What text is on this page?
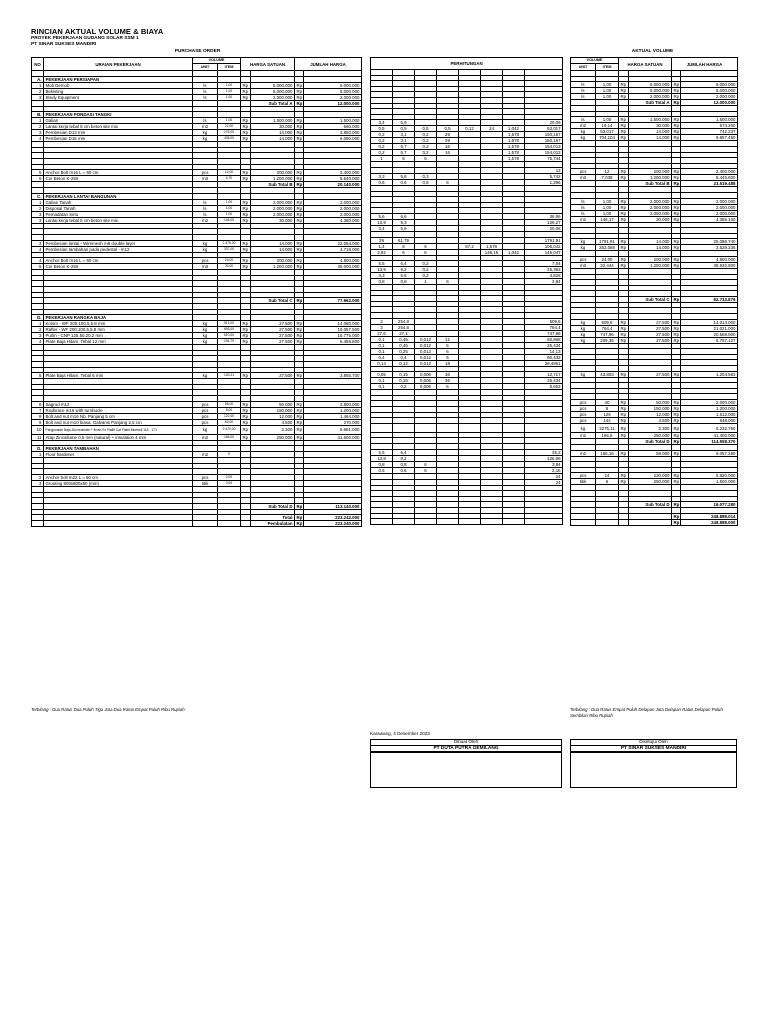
RINCIAN AKTUAL VOLUME & BIAYA
PROYEK PEKERJAAN GUDANG SOLAR SSM 1
PT SINAR SUKSES MANDIRI
PURCHASE ORDER	AKTUAL VOLUME
NO	URAIAN PEKERJAAN	VOLUME		HARGA SATUAN		JUMLAH HARGA	
		UNIT	ITEM				

A.	PEKERJAAN PERSIAPAN						
1	Mob Demob	ls	1,00	Rp	5.000.000	Rp	5.000.000
2	Bekisting	ls	1,00	Rp	5.000.000	Rp	5.000.000
3	Stedy Equipment	ls	1,00	Rp	2.000.000	Rp	2.000.000
					Sub Total A	Rp	12.000.000

B.	PEKERJAAN PONDASI TANGKI						
1	Galian	ls	1,00	Rp	1.500.000	Rp	1.500.000
2	Lantai kerja tebal 5 cm beton site mix	m2	22,00	Rp	30.000	Rp	660.000
3	Pembesian D13 mm	kg	275,00	Rp	14.000	Rp	3.850.000
4	Pembesian D16 mm	kg	435,00	Rp	14.000	Rp	6.090.000

5	Anchor Bolt m16 L = 60 cm	pcs	12,00	Rp	200.000	Rp	2.400.000
6	Cor Beton K-250	m3	4,70	Rp	1.200.000	Rp	5.640.000
					Sub Total B	Rp	20.140.000

C.	PEKERJAAN LANTAI BANGUNAN						
1	Galian Tanah	ls	1,00	Rp	2.000.000	Rp	2.000.000
2	Disposal Tanah	ls	1,00	Rp	2.000.000	Rp	2.000.000
3	Pemadatan Sirtu	ls	1,00	Rp	2.000.000	Rp	2.000.000
3	Lantai kerja tebal 5 cm beton site mix.	m2	146,00	Rp	30.000	Rp	4.380.000

3	Pembesian lantai - Wiremesh m8 double layer	kg	1.576,00	Rp	14.000	Rp	22.064.000
4	Pembesian tambahan pada pedestal - m12	kg	337,00	Rp	14.000	Rp	4.718.000

4	Anchor Bolt m16 L = 60 cm	pcs	24,00	Rp	200.000	Rp	4.800.000
5	Cor Beton K-250	m3	30,00	Rp	1.200.000	Rp	36.000.000

					Sub Total C	Rp	77.962.000

D.	PEKERJAAN RANGKA BAJA						
1	Kolom - WF 200.100.5,5.8 mm	kg	512,00	Rp	27.500	Rp	14.080.000
2	Rafter - WF 200.100.5,5.8 mm	kg	693,00	Rp	27.500	Rp	19.057.500
3	Purlin - CNP 125.50.20.2 mm	kg	610,00	Rp	27.500	Rp	16.775.000
4	Plate Baja Hitam. Tebal 12 mm	kg	234,79	Rp	27.500	Rp	6.456.800

5	Plate Baja Hitam. Tebal 6 mm	kg	140,21	Rp	27.500	Rp	3.855.700

6	Sagrod m12	pcs	56,00	Rp	50.000	Rp	2.800.000
7	Rodbrace m16 with turnbucle	pcs	8,00	Rp	150.000	Rp	1.200.000
8	Bolt and nut m16 Nb. Panjang 5 cm	pcs	122,00	Rp	12.000	Rp	1.464.000
9	Bolt and nut m10 biasa. Galvanis Panjang 2,5 cm	pcs	60,00	Rp	4.500	Rp	270.000
10	Pengecatan Baja Zinchromate + finish Ex Flatlit Cat Flatlit Bluebell 115 - 171	kg	2.470,00	Rp	2.300	Rp	5.681.000
11	Atap Zincallume 0,5 mm (natural) + insulation 4 mm	m2	166,00	Rp	250.000	Rp	41.500.000

D.	PEKERJAAN TAMBAHAN						
1	Floor hardener	m2	0				

2	Anchor bolt m22 L = 60 cm	pcs	0,00				
3	Grouting 800x800x50 (mm)	titik	0,00				

					Sub Total D	Rp	113.140.000

					Total	Rp	223.242.000
					Pembulatan	Rp	223.240.000
PERHITUNGAN							

3,4	5,9						20,06
0,5	0,5	0,5	0,5	0,12	24	1,042	53,017
0,2	3,1	0,2	29			1,578	160,167
0,2	3,1	0,2	29			1,578	160,167
0,2	5,7	0,2	16			1,578	154,013
0,2	5,7	0,2	16			1,578	154,013
1	8	6				1,578	75,744

							12
3,3	5,8	0,3					5,742
0,6	0,6	0,6	6				1,296

5,6	6,6						36,96
13,9	9,3						129,27
3,4	5,9						20,06

29	61,79						1791,91
1,4	8	6		67,2	1,578		106,042
2,92	6	6			146,16	1,042	146,047

5,5	6,4	0,2					7,04
13,9	9,2	0,2					25,392
3,3	5,8	0,2					3,828
0,8	0,8	1	6				3,84

2	254,8						509,6
3	254,8						764,4
27,6	27,1						747,96
0,1	0,45	0,012	12				50,868
0,1	0,45	0,012	6				25,434
0,1	0,25	0,012	6				14,13
0,4	0,4	0,012	6				90,432
0,14	0,12	0,012	18				28,4861

0,05	0,15	0,006	36				12,717
0,1	0,15	0,006	36				25,434
0,1	0,2	0,006	6				5,652

5,5	6,4						35,2
13,8	9,2						126,96
0,8	0,8	6					3,84
0,6	0,6	6					2,16
							24
							24

VOLUME		HARGA SATUAN		JUMLAH HARGA	
UNIT	ITEM				

ls	1,00	Rp	5.000.000	Rp	5.000.000
ls	1,00	Rp	5.000.000	Rp	5.000.000
ls	1,00	Rp	2.000.000	Rp	2.000.000
			Sub Total A	Rp	12.000.000

ls	1,00	Rp	1.500.000	Rp	1.500.000
m2	19,14	Rp	30.000	Rp	574.200
kg	53,017	Rp	14.000	Rp	742.237
kg	704,104	Rp	14.000	Rp	9.857.450

pcs	12	Rp	200.000	Rp	2.400.000
m3	7,038	Rp	1.200.000	Rp	8.445.600
			Sub Total B	Rp	23.519.488

ls	1,00	Rp	2.000.000	Rp	2.000.000
ls	1,00	Rp	2.000.000	Rp	2.000.000
ls	1,00	Rp	2.000.000	Rp	2.000.000
m2	146,17	Rp	30.000	Rp	4.385.100

kg	1791,91	Rp	14.000	Rp	25.086.740
kg	252,088	Rp	14.000	Rp	3.529.236

pcs	24,00	Rp	200.000	Rp	4.800.000
m3	32,444	Rp	1.200.000	Rp	38.932.800

			Sub Total C	Rp	82.733.876

kg	509,6	Rp	27.500	Rp	14.014.000
kg	764,4	Rp	27.500	Rp	21.021.000
kg	747,96	Rp	27.500	Rp	20.568.900
kg	209,35	Rp	27.500	Rp	5.757.127

kg	43,803	Rp	27.500	Rp	1.204.583

pcs	40	Rp	50.000	Rp	2.000.000
pcs	8	Rp	150.000	Rp	1.200.000
pcs	126	Rp	12.000	Rp	1.512.000
pcs	144	Rp	4.500	Rp	648.000
kg	2275,11	Rp	2.300	Rp	5.232.760
m2	165,6	Rp	250.000	Rp	41.400.000
			Sub Total D	Rp	114.558.370

m2	156,16	Rp	58.000	Rp	9.057.280

pcs	24	Rp	230.000	Rp	5.520.000
titik	6	Rp	250.000	Rp	1.500.000

			Sub Total D	Rp	16.077.280

				Rp	248.889.014
				Rp	248.889.000
Terbilang : Dua Ratus Dua Puluh Tiga Juta Dua Ratus Empat Puluh Ribu Rupiah	Terbilang : Dua Ratus Empat Puluh Delapan Juta Delapan Ratus Delapan Puluh Sembilan Ribu Rupiah
Karawang, 4 Desember 2023
Dibuat Oleh
PT DUTA PUTRA GEMILANG
Disetujui Oleh
PT SINAR SUKSES MANDIRI
